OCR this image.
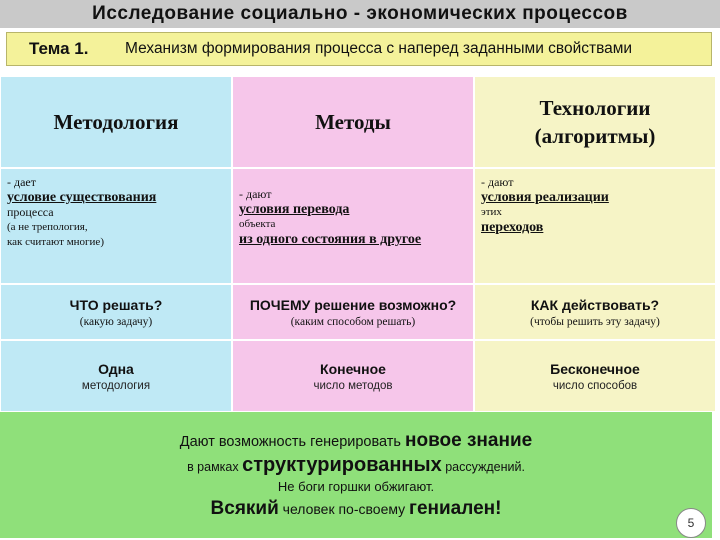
Исследование социально - экономических процессов
Тема 1.	Механизм формирования процесса с наперед заданными свойствами
Методология	Методы
Технологии
(алгоритмы)
- дает
условие существования
процесса
(а не трепология,
как считают многие)
- дают
условия перевода
объекта
из одного состояния в другое
- дают
условия реализации
этих
переходов
ЧТО решать?
(какую задачу)
ПОЧЕМУ решение возможно?
(каким способом решать)
КАК действовать?
(чтобы решить эту задачу)
Одна
методология
Конечное
число методов
Бесконечное
число способов
Дают возможность генерировать новое знание
в рамках структурированных рассуждений.
Не боги горшки обжигают.
Всякий человек по-своему гениален!
5
